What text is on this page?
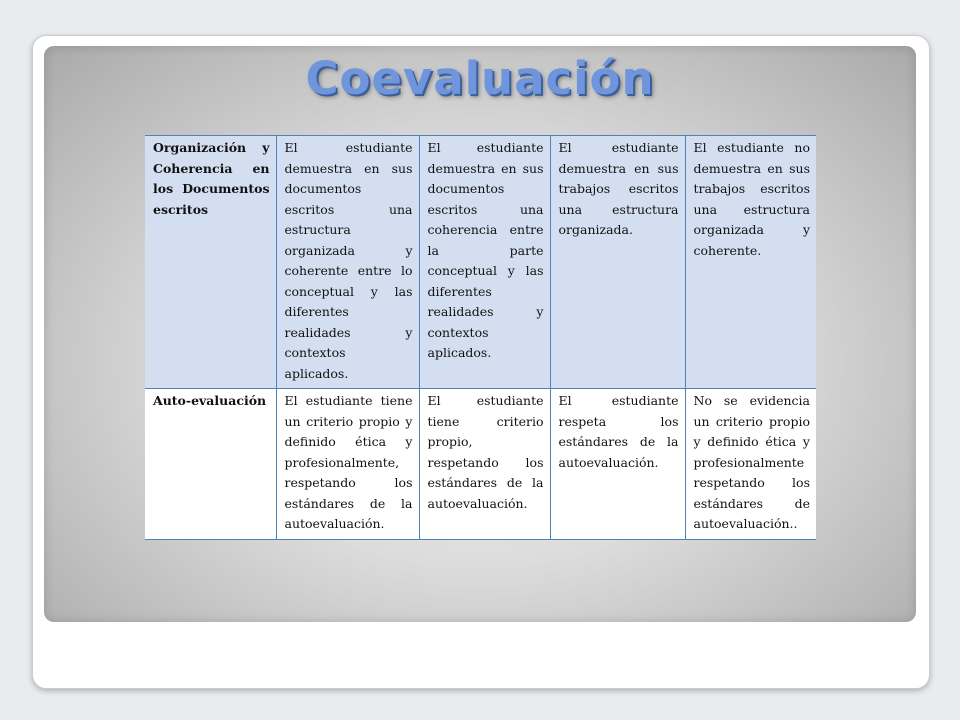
Coevaluación
Organización y Coherencia en los Documentos escritos	El estudiante demuestra en sus documentos escritos una estructura organizada y coherente entre lo conceptual y las diferentes realidades y contextos aplicados.	El estudiante demuestra en sus documentos escritos una coherencia entre la parte conceptual y las diferentes realidades y contextos aplicados.	El estudiante demuestra en sus trabajos escritos una estructura organizada.	El estudiante no demuestra en sus trabajos escritos una estructura organizada y coherente.
Auto-evaluación	El estudiante tiene un criterio propio y definido ética y profesionalmente, respetando los estándares de la autoevaluación.	El estudiante tiene criterio propio, respetando los estándares de la autoevaluación.	El estudiante respeta los estándares de la autoevaluación.	No se evidencia un criterio propio y definido ética y profesionalmente respetando los estándares de autoevaluación..
